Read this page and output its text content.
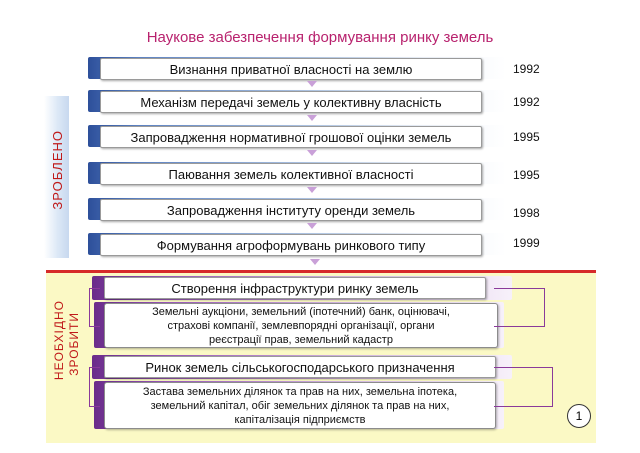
Наукове забезпечення формування ринку земель
ЗРОБЛЕНО
Визнання приватної власності на землю	1992
Механізм передачі земель у колективну власність	1992
Запровадження нормативної грошової оцінки земель	1995
Паювання земель колективної власності	1995
Запровадження інституту оренди земель	1998
Формування агроформувань ринкового типу	1999
НЕОБХІДНО ЗРОБИТИ
Створення інфраструктури ринку земель
Земельні аукціони, земельний (іпотечний) банк, оцінювачі,
страхові компанії, землевпорядні організації, органи
реєстрації прав, земельний кадастр
Ринок земель сільськогосподарського призначення
Застава земельних ділянок та прав на них, земельна іпотека,
земельний капітал, обіг земельних ділянок та прав на них,
капіталізація підприємств	1
